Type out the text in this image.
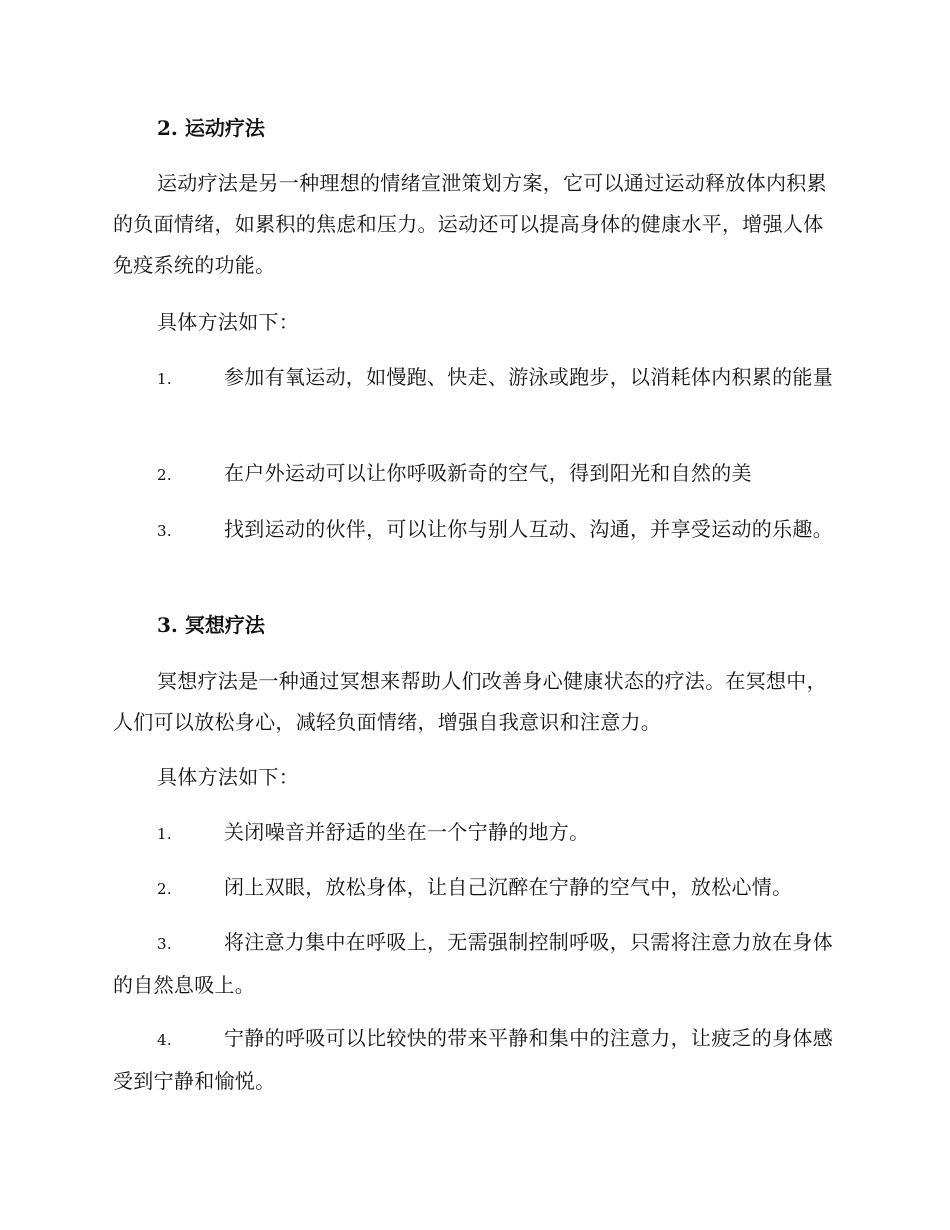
2. 运动疗法
运动疗法是另一种理想的情绪宣泄策划方案，它可以通过运动释放体内积累的负面情绪，如累积的焦虑和压力。运动还可以提高身体的健康水平，增强人体免疫系统的功能。
具体方法如下：
1.	参加有氧运动，如慢跑、快走、游泳或跑步，以消耗体内积累的能量
2.	在户外运动可以让你呼吸新奇的空气，得到阳光和自然的美
3.	找到运动的伙伴，可以让你与别人互动、沟通，并享受运动的乐趣。
3. 冥想疗法
冥想疗法是一种通过冥想来帮助人们改善身心健康状态的疗法。在冥想中，人们可以放松身心，减轻负面情绪，增强自我意识和注意力。
具体方法如下：
1.	关闭噪音并舒适的坐在一个宁静的地方。
2.	闭上双眼，放松身体，让自己沉醉在宁静的空气中，放松心情。
3.	将注意力集中在呼吸上，无需强制控制呼吸，只需将注意力放在身体的自然息吸上。
4.	宁静的呼吸可以比较快的带来平静和集中的注意力，让疲乏的身体感受到宁静和愉悦。
